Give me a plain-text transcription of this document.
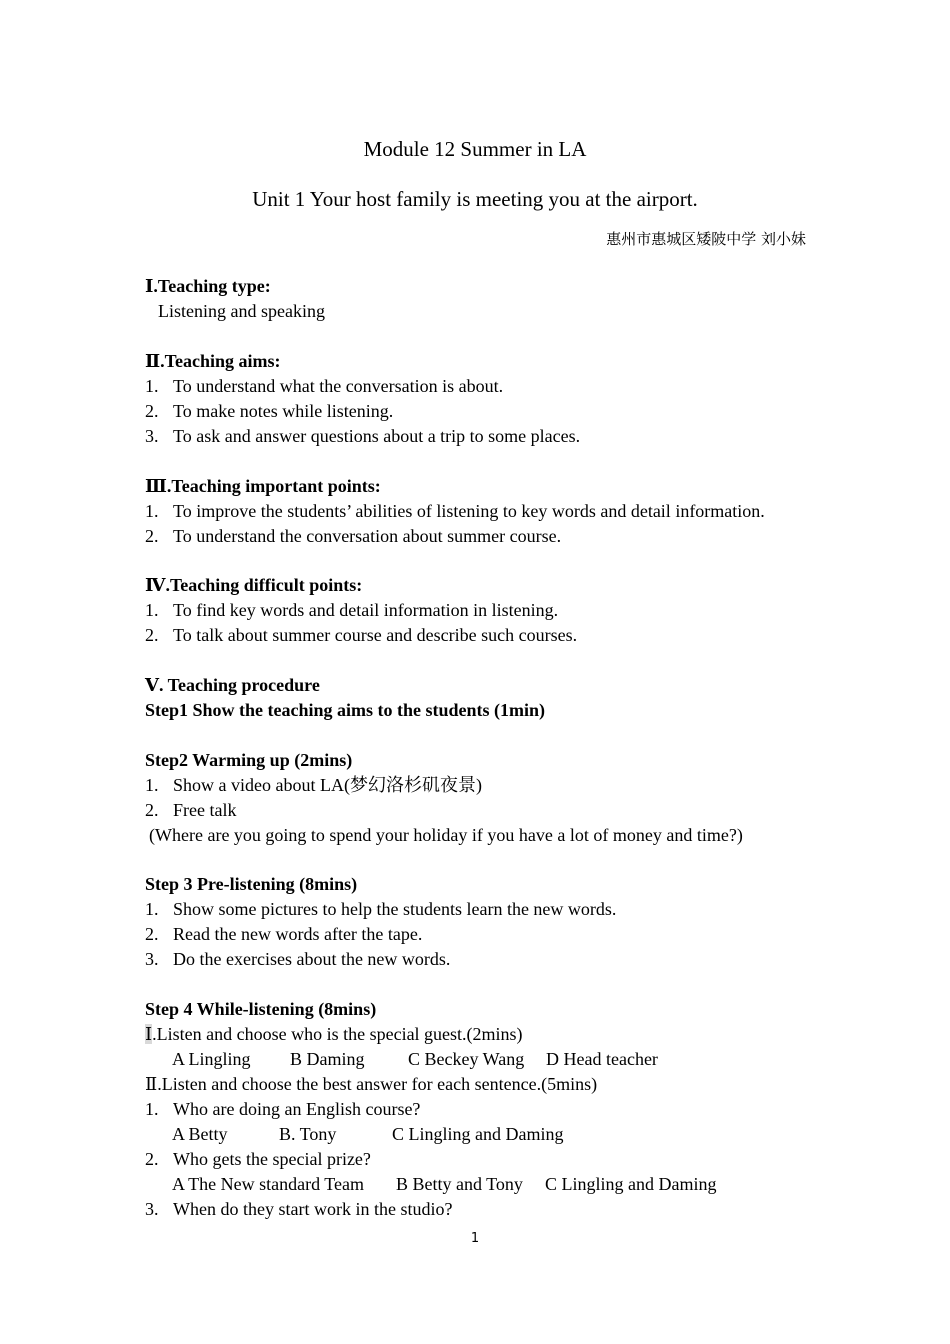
Module 12 Summer in LA
Unit 1 Your host family is meeting you at the airport.
惠州市惠城区矮陂中学 刘小妹
Ⅰ.Teaching type:
Listening and speaking
Ⅱ.Teaching aims:
1. To understand what the conversation is about.
2. To make notes while listening.
3. To ask and answer questions about a trip to some places.
Ⅲ.Teaching important points:
1. To improve the students’ abilities of listening to key words and detail information.
2. To understand the conversation about summer course.
Ⅳ.Teaching difficult points:
1. To find key words and detail information in listening.
2. To talk about summer course and describe such courses.
Ⅴ. Teaching procedure
Step1 Show the teaching aims to the students (1min)
Step2 Warming up (2mins)
1. Show a video about LA(梦幻洛杉矶夜景)
2. Free talk
(Where are you going to spend your holiday if you have a lot of money and time?)
Step 3 Pre-listening (8mins)
1. Show some pictures to help the students learn the new words.
2. Read the new words after the tape.
3. Do the exercises about the new words.
Step 4 While-listening (8mins)
Ⅰ.Listen and choose who is the special guest.(2mins)
A Lingling B Daming C Beckey Wang D Head teacher
Ⅱ.Listen and choose the best answer for each sentence.(5mins)
1. Who are doing an English course?
A Betty	B. Tony	C Lingling and Daming
2. Who gets the special prize?
A The New standard Team B Betty and Tony C Lingling and Daming
3. When do they start work in the studio?
1
